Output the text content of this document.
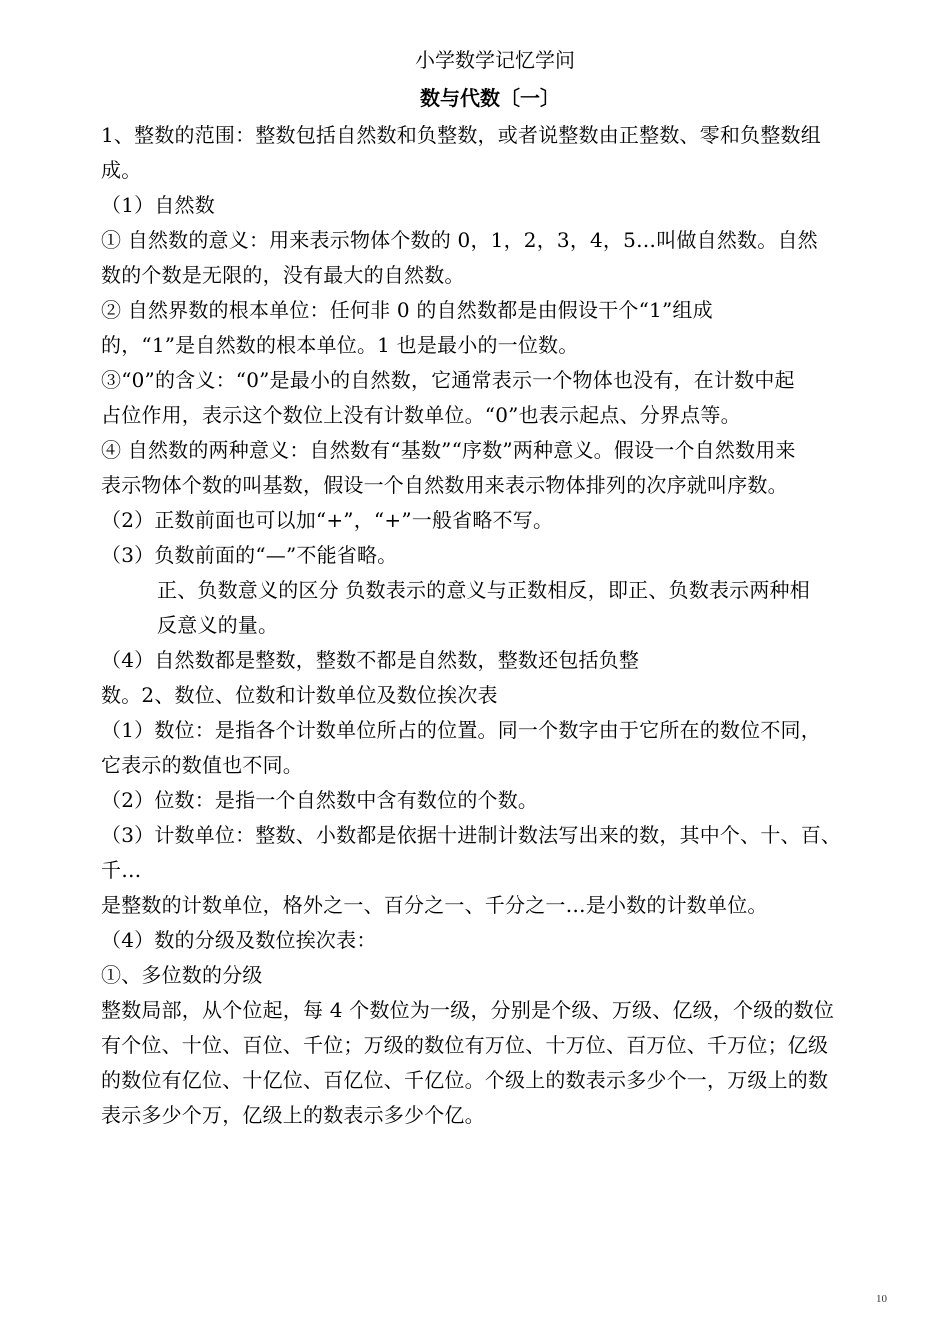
小学数学记忆学问
数与代数〔一〕
1、整数的范围：整数包括自然数和负整数，或者说整数由正整数、零和负整数组
成。
（1）自然数
① 自然数的意义：用来表示物体个数的 0，1，2，3，4，5…叫做自然数。自然
数的个数是无限的，没有最大的自然数。
② 自然界数的根本单位：任何非 0 的自然数都是由假设干个“1”组成
的，“1”是自然数的根本单位。1 也是最小的一位数。
③“0”的含义：“0”是最小的自然数，它通常表示一个物体也没有，在计数中起
占位作用，表示这个数位上没有计数单位。“0”也表示起点、分界点等。
④ 自然数的两种意义：自然数有“基数”“序数”两种意义。假设一个自然数用来
表示物体个数的叫基数，假设一个自然数用来表示物体排列的次序就叫序数。
（2）正数前面也可以加“+”，“+”一般省略不写。
（3）负数前面的“—”不能省略。
正、负数意义的区分 负数表示的意义与正数相反，即正、负数表示两种相
反意义的量。
（4）自然数都是整数，整数不都是自然数，整数还包括负整
数。2、数位、位数和计数单位及数位挨次表
（1）数位：是指各个计数单位所占的位置。同一个数字由于它所在的数位不同，
它表示的数值也不同。
（2）位数：是指一个自然数中含有数位的个数。
（3）计数单位：整数、小数都是依据十进制计数法写出来的数，其中个、十、百、
千…
是整数的计数单位，格外之一、百分之一、千分之一…是小数的计数单位。
（4）数的分级及数位挨次表：
①、多位数的分级
整数局部，从个位起，每 4 个数位为一级，分别是个级、万级、亿级，个级的数位
有个位、十位、百位、千位；万级的数位有万位、十万位、百万位、千万位；亿级
的数位有亿位、十亿位、百亿位、千亿位。个级上的数表示多少个一，万级上的数
表示多少个万，亿级上的数表示多少个亿。
10
